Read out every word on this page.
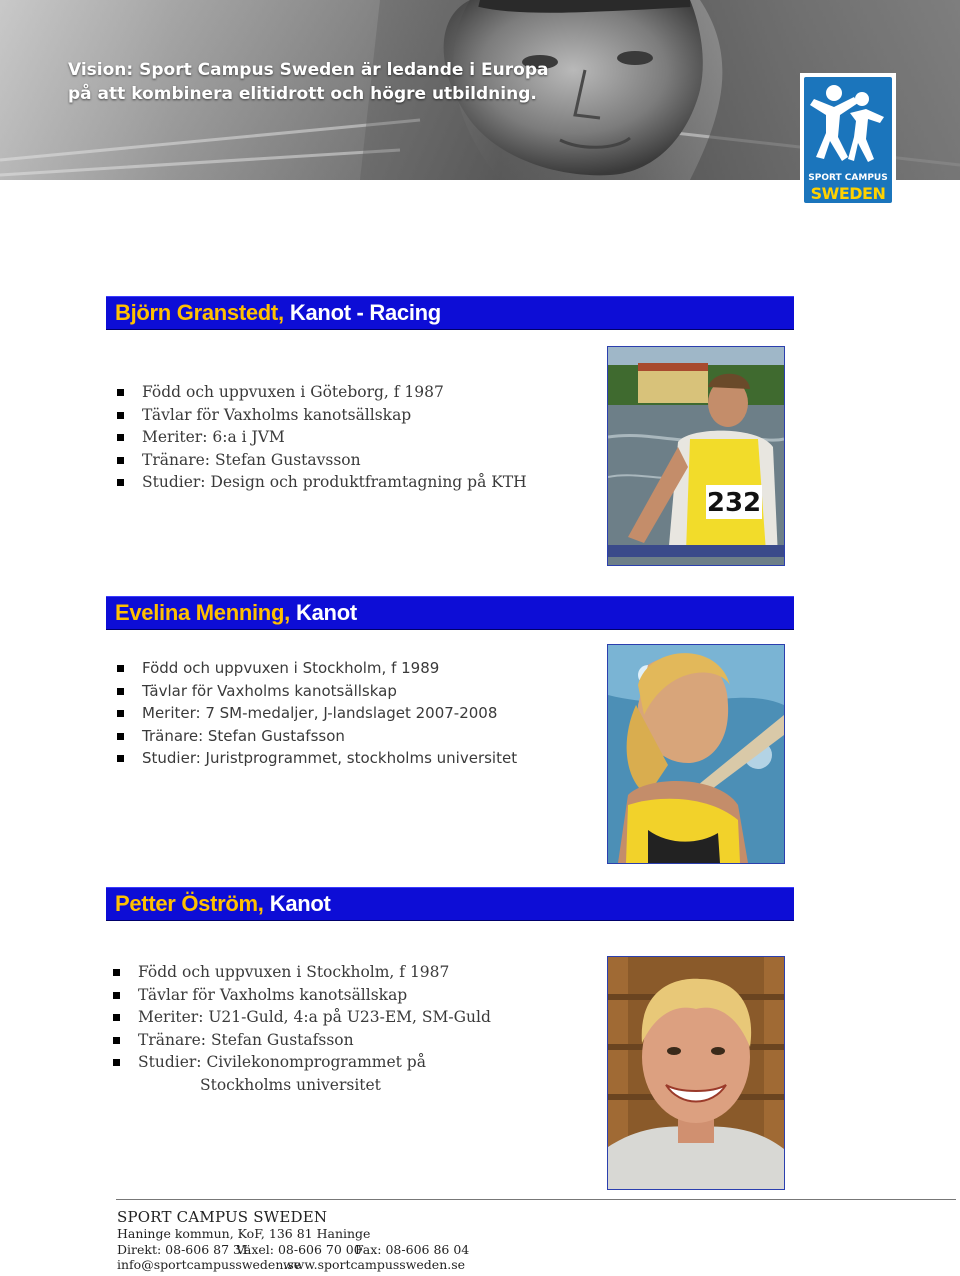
Vision: Sport Campus Sweden är ledande i Europa
på att kombinera elitidrott och högre utbildning.
SPORT CAMPUS
SWEDEN
Björn Granstedt, Kanot - Racing
Född och uppvuxen i Göteborg, f 1987
Tävlar för Vaxholms kanotsällskap
Meriter: 6:a i JVM
Tränare: Stefan Gustavsson
Studier: Design och produktframtagning på KTH
232
Evelina Menning, Kanot
Född och uppvuxen i Stockholm, f 1989
Tävlar för Vaxholms kanotsällskap
Meriter: 7 SM-medaljer, J-landslaget 2007-2008
Tränare: Stefan Gustafsson
Studier: Juristprogrammet, stockholms universitet
Petter Öström, Kanot
Född och uppvuxen i Stockholm, f 1987
Tävlar för Vaxholms kanotsällskap
Meriter: U21-Guld, 4:a på U23-EM, SM-Guld
Tränare: Stefan Gustafsson
Studier: Civilekonomprogrammet på
Stockholms universitet
SPORT CAMPUS SWEDEN
Haninge kommun, KoF, 136 81 Haninge
Direkt: 08-606 87 31 Växel: 08-606 70 00 Fax: 08-606 86 04
info@sportcampussweden.se www.sportcampussweden.se
